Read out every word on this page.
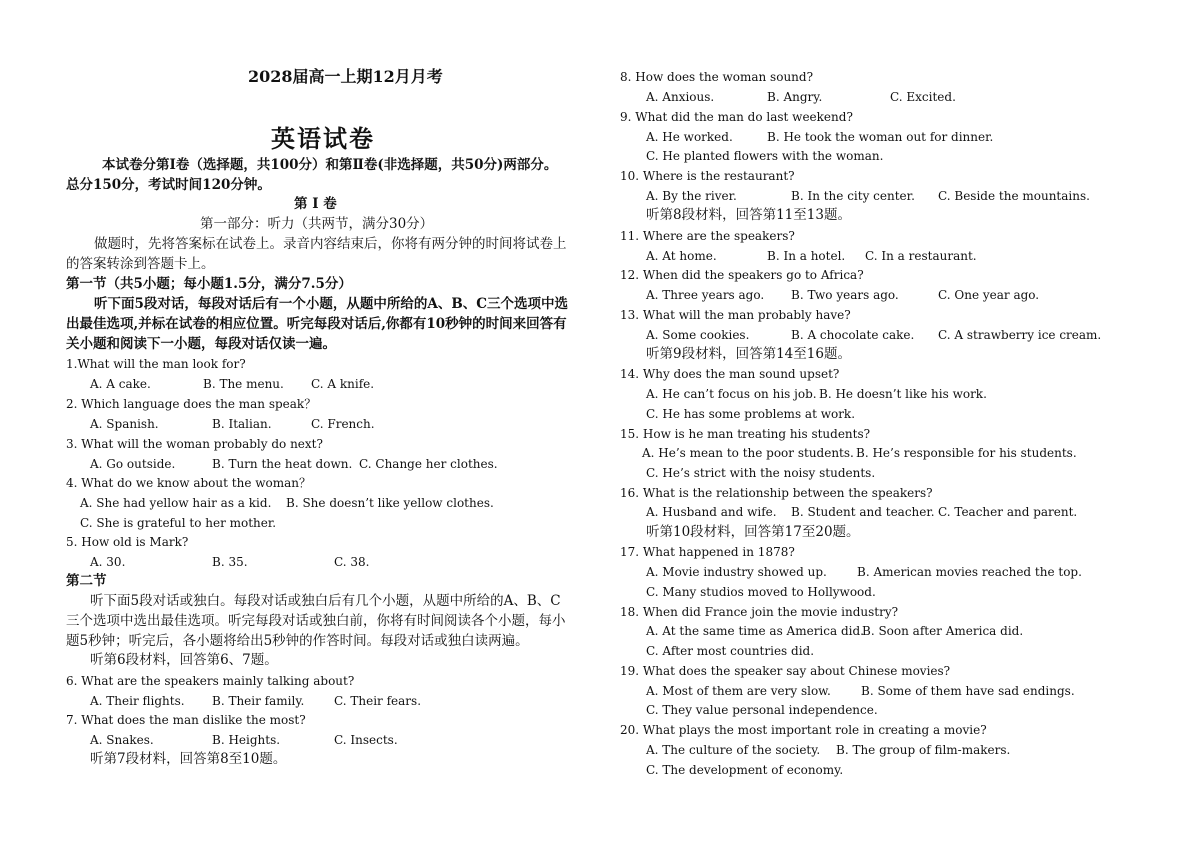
2028届高一上期12月月考
英语试卷
本试卷分第Ⅰ卷（选择题，共100分）和第Ⅱ卷(非选择题，共50分)两部分。
总分150分，考试时间120分钟。
第 Ⅰ 卷
第一部分：听力（共两节，满分30分）
做题时，先将答案标在试卷上。录音内容结束后，你将有两分钟的时间将试卷上
的答案转涂到答题卡上。
第一节（共5小题；每小题1.5分，满分7.5分）
听下面5段对话，每段对话后有一个小题，从题中所给的A、B、C三个选项中选
出最佳选项,并标在试卷的相应位置。听完每段对话后,你都有10秒钟的时间来回答有
关小题和阅读下一小题，每段对话仅读一遍。
1.What will the man look for?
A. A cake.	B. The menu. C. A knife.
2. Which language does the man speak？
A. Spanish.	B. Italian.	C. French.
3. What will the woman probably do next?
A. Go outside.	B. Turn the heat down. C. Change her clothes.
4. What do we know about the woman？
A. She had yellow hair as a kid. B. She doesn’t like yellow clothes.
C. She is grateful to her mother.
5. How old is Mark?
A. 30.	B. 35.	C. 38.
第二节
听下面5段对话或独白。每段对话或独白后有几个小题，从题中所给的A、B、C
三个选项中选出最佳选项。听完每段对话或独白前，你将有时间阅读各个小题，每小
题5秒钟；听完后，各小题将给出5秒钟的作答时间。每段对话或独白读两遍。
听第6段材料，回答第6、7题。
6. What are the speakers mainly talking about?
A. Their flights. B. Their family. C. Their fears.
7. What does the man dislike the most?
A. Snakes.	B. Heights.	C. Insects.
听第7段材料，回答第8至10题。
8. How does the woman sound?
A. Anxious.	B. Angry.	C. Excited.
9. What did the man do last weekend?
A. He worked.	B. He took the woman out for dinner.
C. He planted flowers with the woman.
10. Where is the restaurant?
A. By the river.	B. In the city center. C. Beside the mountains.
听第8段材料，回答第11至13题。
11. Where are the speakers?
A. At home.	B. In a hotel. C. In a restaurant.
12. When did the speakers go to Africa?
A. Three years ago. B. Two years ago.	C. One year ago.
13. What will the man probably have?
A. Some cookies.	B. A chocolate cake. C. A strawberry ice cream.
听第9段材料，回答第14至16题。
14. Why does the man sound upset?
A. He can’t focus on his job. B. He doesn’t like his work.
C. He has some problems at work.
15. How is he man treating his students?
A. He’s mean to the poor students. B. He’s responsible for his students.
C. He’s strict with the noisy students.
16. What is the relationship between the speakers?
A. Husband and wife. B. Student and teacher. C. Teacher and parent.
听第10段材料，回答第17至20题。
17. What happened in 1878?
A. Movie industry showed up.	B. American movies reached the top.
C. Many studios moved to Hollywood.
18. When did France join the movie industry?
A. At the same time as America did.
B. Soon after America did.
C. After most countries did.
19. What does the speaker say about Chinese movies?
A. Most of them are very slow.	B. Some of them have sad endings.
C. They value personal independence.
20. What plays the most important role in creating a movie?
A. The culture of the society. B. The group of film-makers.
C. The development of economy.
